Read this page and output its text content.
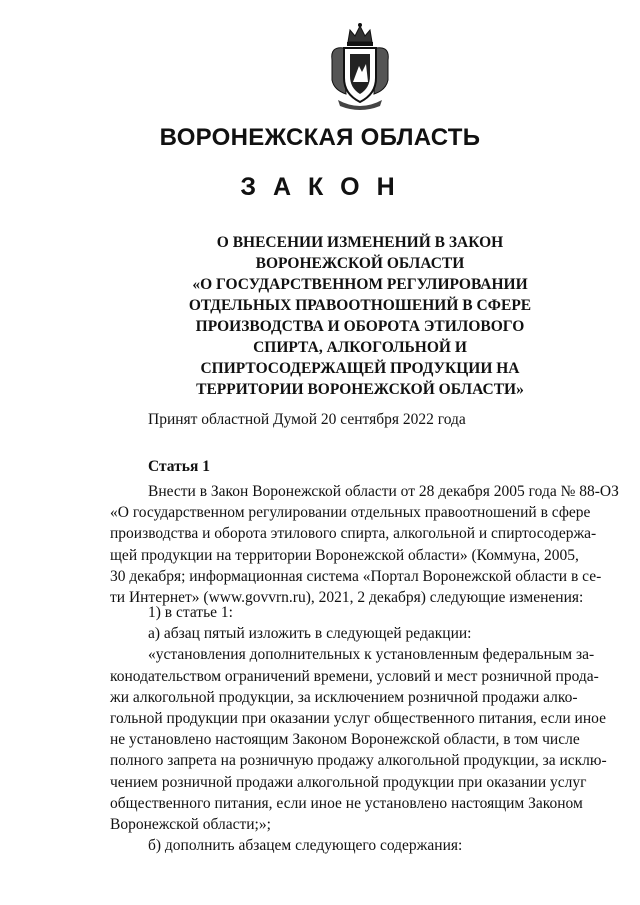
ВОРОНЕЖСКАЯ ОБЛАСТЬ
З А К О Н
О ВНЕСЕНИИ ИЗМЕНЕНИЙ В ЗАКОН
ВОРОНЕЖСКОЙ ОБЛАСТИ
«О ГОСУДАРСТВЕННОМ РЕГУЛИРОВАНИИ
ОТДЕЛЬНЫХ ПРАВООТНОШЕНИЙ В СФЕРЕ
ПРОИЗВОДСТВА И ОБОРОТА ЭТИЛОВОГО
СПИРТА, АЛКОГОЛЬНОЙ И
СПИРТОСОДЕРЖАЩЕЙ ПРОДУКЦИИ НА
ТЕРРИТОРИИ ВОРОНЕЖСКОЙ ОБЛАСТИ»

Принят областной Думой 20 сентября 2022 года

Статья 1
Внести в Закон Воронежской области от 28 декабря 2005 года № 88-ОЗ
«О государственном регулировании отдельных правоотношений в сфере
производства и оборота этилового спирта, алкогольной и спиртосодержа-
щей продукции на территории Воронежской области» (Коммуна, 2005,
30 декабря; информационная система «Портал Воронежской области в се-
ти Интернет» (www.govvrn.ru), 2021, 2 декабря) следующие изменения:
1) в статье 1:
а) абзац пятый изложить в следующей редакции:
«установления дополнительных к установленным федеральным за-
конодательством ограничений времени, условий и мест розничной прода-
жи алкогольной продукции, за исключением розничной продажи алко-
гольной продукции при оказании услуг общественного питания, если иное
не установлено настоящим Законом Воронежской области, в том числе
полного запрета на розничную продажу алкогольной продукции, за исклю-
чением розничной продажи алкогольной продукции при оказании услуг
общественного питания, если иное не установлено настоящим Законом
Воронежской области;»;
б) дополнить абзацем следующего содержания:
